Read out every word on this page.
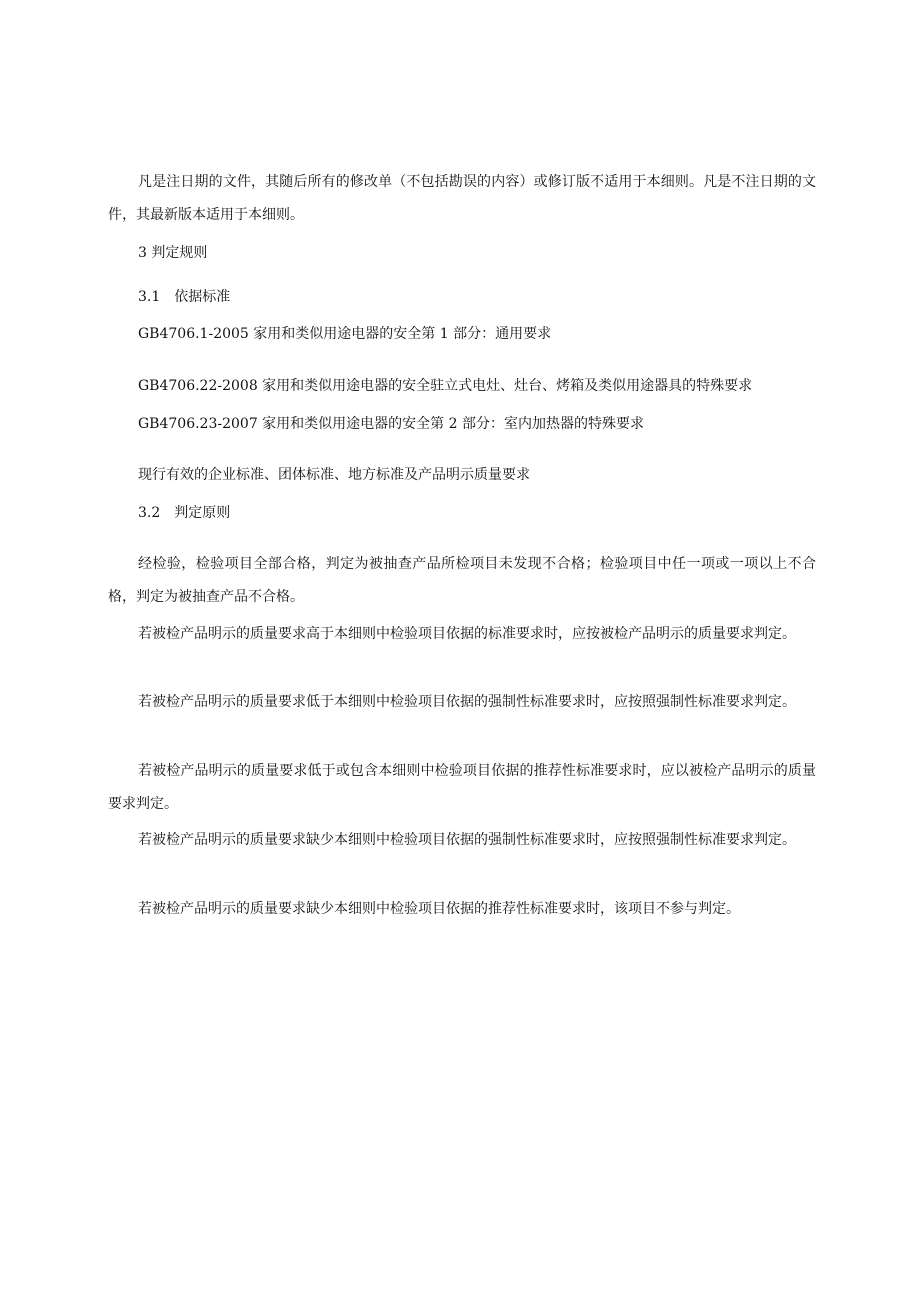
凡是注日期的文件，其随后所有的修改单（不包括勘误的内容）或修订版不适用于本细则。凡是不注日期的文件，其最新版本适用于本细则。
3 判定规则
3.1　依据标准
GB4706.1-2005 家用和类似用途电器的安全第 1 部分：通用要求
GB4706.22-2008 家用和类似用途电器的安全驻立式电灶、灶台、烤箱及类似用途器具的特殊要求
GB4706.23-2007 家用和类似用途电器的安全第 2 部分：室内加热器的特殊要求
现行有效的企业标准、团体标准、地方标准及产品明示质量要求
3.2　判定原则
经检验，检验项目全部合格，判定为被抽查产品所检项目未发现不合格；检验项目中任一项或一项以上不合格，判定为被抽查产品不合格。
若被检产品明示的质量要求高于本细则中检验项目依据的标准要求时，应按被检产品明示的质量要求判定。
若被检产品明示的质量要求低于本细则中检验项目依据的强制性标准要求时，应按照强制性标准要求判定。
若被检产品明示的质量要求低于或包含本细则中检验项目依据的推荐性标准要求时，应以被检产品明示的质量要求判定。
若被检产品明示的质量要求缺少本细则中检验项目依据的强制性标准要求时，应按照强制性标准要求判定。
若被检产品明示的质量要求缺少本细则中检验项目依据的推荐性标准要求时，该项目不参与判定。
